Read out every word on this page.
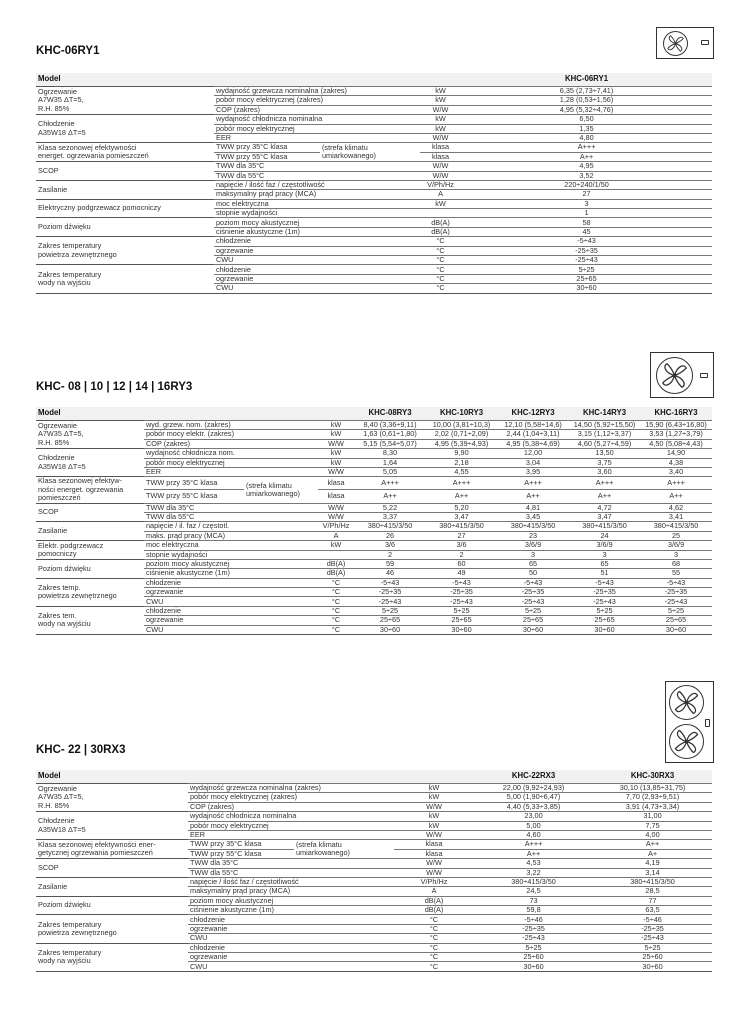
KHC-06RY1
Model				KHC-06RY1
Ogrzewanie
A7W35 ΔT=5,
R.H. 85%	wydajność grzewcza nominalna (zakres)		kW	6,35 (2,73÷7,41)
	pobór mocy elektrycznej (zakres)		kW	1,28 (0,53÷1,56)
	COP (zakres)		W/W	4,95 (5,32÷4,76)
Chłodzenie
A35W18 ΔT=5	wydajność chłodnicza nominalna		kW	6,50
	pobór mocy elektrycznej		kW	1,35
	EER		W/W	4,80
Klasa sezonowej efektywności
energet. ogrzewania pomieszczeń	TWW przy 35°C klasa	(strefa klimatu
umiarkowanego)	klasa	A+++
	TWW przy 55°C klasa		klasa	A++
SCOP	TWW dla 35°C		W/W	4,95
	TWW dla 55°C		W/W	3,52
Zasilanie	napięcie / ilość faz / częstotliwość		V/Ph/Hz	220÷240/1/50
	maksymalny prąd pracy (MCA)		A	27
Elektryczny podgrzewacz pomocniczy	moc elektryczna		kW	3
	stopnie wydajności			1
Poziom dźwięku	poziom mocy akustycznej		dB(A)	58
	ciśnienie akustyczne (1m)		dB(A)	45
Zakres temperatury
powietrza zewnętrznego	chłodzenie		°C	-5÷43
	ogrzewanie		°C	-25÷35
	CWU		°C	-25÷43
Zakres temperatury
wody na wyjściu	chłodzenie		°C	5÷25
	ogrzewanie		°C	25÷65
	CWU		°C	30÷60
KHC- 08 | 10 | 12 | 14 | 16RY3
Model				KHC-08RY3	KHC-10RY3	KHC-12RY3	KHC-14RY3	KHC-16RY3
Ogrzewanie
A7W35 ΔT=5,
R.H. 85%	wyd. grzew. nom. (zakres)		kW	8,40 (3,36÷9,11)	10,00 (3,81÷10,3)	12,10 (5,58÷14,6)	14,50 (5,92÷15,50)	15,90 (6,43÷16,80)
	pobór mocy elektr. (zakres)		kW	1,63 (0,61÷1,80)	2,02 (0,71÷2,09)	2,44 (1,04÷3,11)	3,15 (1,12÷3,37)	3,53 (1,27÷3,79)
	COP (zakres)		W/W	5,15 (5,54÷5,07)	4,95 (5,39÷4,93)	4,95 (5,38÷4,69)	4,60 (5,27÷4,59)	4,50 (5,08÷4,43)
Chłodzenie
A35W18 ΔT=5	wydajność chłodnicza nom.		kW	8,30	9,90	12,00	13,50	14,90
	pobór mocy elektrycznej		kW	1,64	2,18	3,04	3,75	4,38
	EER		W/W	5,05	4,55	3,95	3,60	3,40
Klasa sezonowej efektyw-
ności energet. ogrzewania
pomieszczeń	TWW przy 35°C klasa	(strefa klimatu
umiarkowanego)	klasa	A+++	A+++	A+++	A+++	A+++
	TWW przy 55°C klasa		klasa	A++	A++	A++	A++	A++
SCOP	TWW dla 35°C		W/W	5,22	5,20	4,81	4,72	4,62
	TWW dla 55°C		W/W	3,37	3,47	3,45	3,47	3,41
Zasilanie	napięcie / il. faz / częstotl.		V/Ph/Hz	380÷415/3/50	380÷415/3/50	380÷415/3/50	380÷415/3/50	380÷415/3/50
	maks. prąd pracy (MCA)		A	26	27	23	24	25
Elektr. podgrzewacz
pomocniczy	moc elektryczna		kW	3/6	3/6	3/6/9	3/6/9	3/6/9
	stopnie wydajności			2	2	3	3	3
Poziom dźwięku	poziom mocy akustycznej		dB(A)	59	60	65	65	68
	ciśnienie akustyczne (1m)		dB(A)	46	49	50	51	55
Zakres temp.
powietrza zewnętrznego	chłodzenie		°C	-5÷43	-5÷43	-5÷43	-5÷43	-5÷43
	ogrzewanie		°C	-25÷35	-25÷35	-25÷35	-25÷35	-25÷35
	CWU		°C	-25÷43	-25÷43	-25÷43	-25÷43	-25÷43
Zakres tem.
wody na wyjściu	chłodzenie		°C	5÷25	5÷25	5÷25	5÷25	5÷25
	ogrzewanie		°C	25÷65	25÷65	25÷65	25÷65	25÷65
	CWU		°C	30÷60	30÷60	30÷60	30÷60	30÷60
KHC- 22 | 30RX3
Model				KHC-22RX3	KHC-30RX3
Ogrzewanie
A7W35 ΔT=5,
R.H. 85%	wydajność grzewcza nominalna (zakres)		kW	22,00 (9,92÷24,93)	30,10 (13,85÷31,75)
	pobór mocy elektrycznej (zakres)		kW	5,00 (1,90÷6,47)	7,70 (2,93÷9,51)
	COP (zakres)		W/W	4,40 (5,33÷3,85)	3,91 (4,73÷3,34)
Chłodzenie
A35W18 ΔT=5	wydajność chłodnicza nominalna		kW	23,00	31,00
	pobór mocy elektrycznej		kW	5,00	7,75
	EER		W/W	4,60	4,00
Klasa sezonowej efektywności ener-
getycznej ogrzewania pomieszczeń	TWW przy 35°C klasa	(strefa klimatu
umiarkowanego)	klasa	A+++	A++
	TWW przy 55°C klasa		klasa	A++	A+
SCOP	TWW dla 35°C		W/W	4,53	4,19
	TWW dla 55°C		W/W	3,22	3,14
Zasilanie	napięcie / ilość faz / częstotliwość		V/Ph/Hz	380÷415/3/50	380÷415/3/50
	maksymalny prąd pracy (MCA)		A	24,5	28,5
Poziom dźwięku	poziom mocy akustycznej		dB(A)	73	77
	ciśnienie akustyczne (1m)		dB(A)	59,8	63,5
Zakres temperatury
powietrza zewnętrznego	chłodzenie		°C	-5÷46	-5÷46
	ogrzewanie		°C	-25÷35	-25÷35
	CWU		°C	-25÷43	-25÷43
Zakres temperatury
wody na wyjściu	chłodzenie		°C	5÷25	5÷25
	ogrzewanie		°C	25÷60	25÷60
	CWU		°C	30÷60	30÷60
